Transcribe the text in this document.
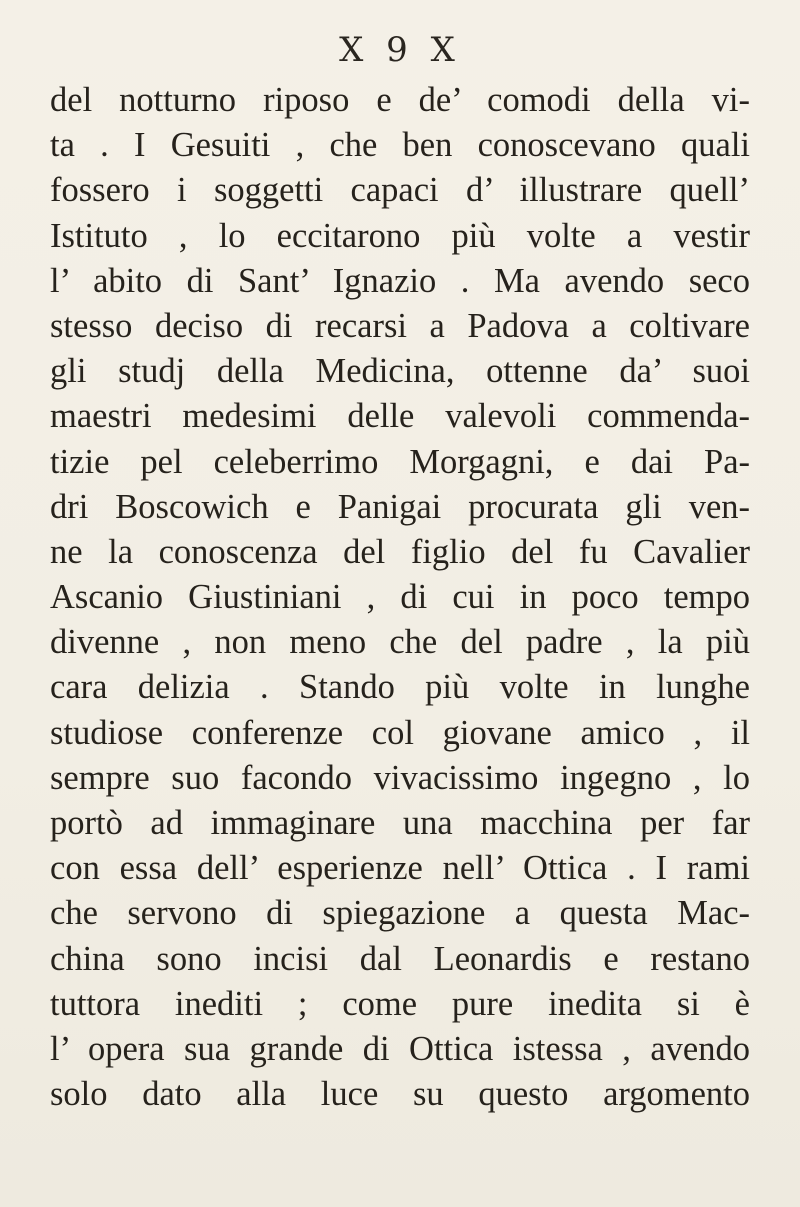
X 9 X
del notturno riposo e de’ comodi della vi-
ta . I Gesuiti , che ben conoscevano quali
fossero i soggetti capaci d’ illustrare quell’
Istituto , lo eccitarono più volte a vestir
l’ abito di Sant’ Ignazio . Ma avendo seco
stesso deciso di recarsi a Padova a coltivare
gli studj della Medicina, ottenne da’ suoi
maestri medesimi delle valevoli commenda-
tizie pel celeberrimo Morgagni, e dai Pa-
dri Boscowich e Panigai procurata gli ven-
ne la conoscenza del figlio del fu Cavalier
Ascanio Giustiniani , di cui in poco tempo
divenne , non meno che del padre , la più
cara delizia . Stando più volte in lunghe
studiose conferenze col giovane amico , il
sempre suo facondo vivacissimo ingegno , lo
portò ad immaginare una macchina per far
con essa dell’ esperienze nell’ Ottica . I rami
che servono di spiegazione a questa Mac-
china sono incisi dal Leonardis e restano
tuttora inediti ; come pure inedita si è
l’ opera sua grande di Ottica istessa , avendo
solo dato alla luce su questo argomento
